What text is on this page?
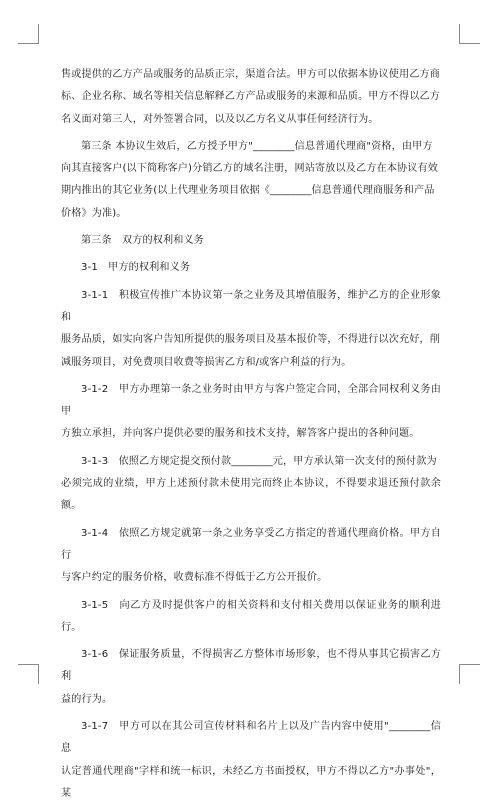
售或提供的乙方产品或服务的品质正宗，渠道合法。甲方可以依据本协议使用乙方商
标、企业名称、域名等相关信息解释乙方产品或服务的来源和品质。甲方不得以乙方
名义面对第三人，对外签署合同，以及以乙方名义从事任何经济行为。

第三条 本协议生效后，乙方授予甲方"________信息普通代理商"资格，由甲方
向其直接客户(以下简称客户)分销乙方的域名注册，网站寄放以及乙方在本协议有效
期内推出的其它业务(以上代理业务项目依据《________信息普通代理商服务和产品
价格》为准)。

第三条　双方的权利和义务

3-1　甲方的权利和义务

3-1-1　积极宣传推广本协议第一条之业务及其增值服务，维护乙方的企业形象和
服务品质，如实向客户告知所提供的服务项目及基本报价等，不得进行以次充好，削
减服务项目，对免费项目收费等损害乙方和/或客户利益的行为。

3-1-2　甲方办理第一条之业务时由甲方与客户签定合同，全部合同权利义务由甲
方独立承担，并向客户提供必要的服务和技术支持，解答客户提出的各种问题。

3-1-3　依照乙方规定提交预付款________元，甲方承认第一次支付的预付款为
必须完成的业绩，甲方上述预付款未使用完而终止本协议，不得要求退还预付款余额。

3-1-4　依照乙方规定就第一条之业务享受乙方指定的普通代理商价格。甲方自行
与客户约定的服务价格，收费标准不得低于乙方公开报价。

3-1-5　向乙方及时提供客户的相关资料和支付相关费用以保证业务的顺利进行。

3-1-6　保证服务质量，不得损害乙方整体市场形象，也不得从事其它损害乙方利
益的行为。

3-1-7　甲方可以在其公司宣传材料和名片上以及广告内容中使用"________信息
认定普通代理商"字样和统一标识，未经乙方书面授权，甲方不得以乙方"办事处"，某
